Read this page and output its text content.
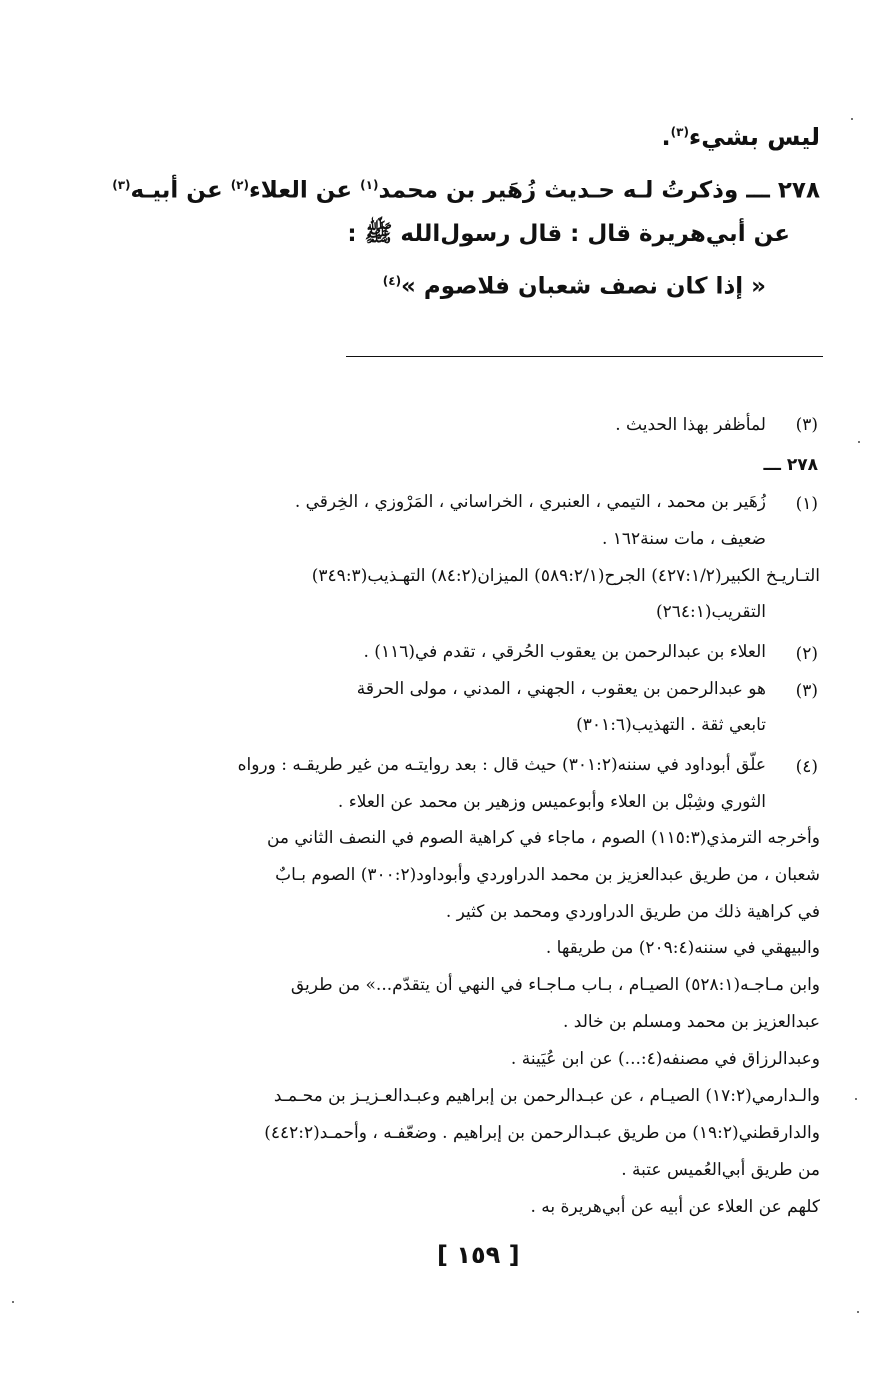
ليس بشيء$^{(٣)}$.
٢٧٨ ـــ وذكرتُ لـه حـديث زُهَير بن محمد$^{(١)}$ عن العلاء$^{(٢)}$ عن أبيـه$^{(٣)}$
عن أبي‌هريرة قال : قال رسول‌الله ﷺ :
« إذا كان نصف شعبان فلاصوم »$^{(٤)}$
(٣)
لمأظفر بهذا الحديث .
٢٧٨ ـــ
(١)
زُهَير بن محمد ، التيمي ، العنبري ، الخراساني ، المَرْوزي ، الخِرقي .
ضعيف ، مات سنة١٦٢ .
التـاريـخ الكبير(٤٢٧:١/٢) الجرح(٥٨٩:٢/١) الميزان(٨٤:٢) التهـذيب(٣٤٩:٣)
التقريب(٢٦٤:١)
(٢)
العلاء بن عبدالرحمن بن يعقوب الحُرقي ، تقدم في(١١٦) .
(٣)
هو عبدالرحمن بن يعقوب ، الجهني ، المدني ، مولى الحرقة
تابعي ثقة . التهذيب(٣٠١:٦)
(٤)
علّق أبوداود في سننه(٣٠١:٢) حيث قال : بعد روايتـه من غير طريقـه : ورواه
الثوري وشِبْل بن العلاء وأبوعميس وزهير بن محمد عن العلاء .
وأخرجه الترمذي(١١٥:٣) الصوم ، ماجاء في كراهية الصوم في النصف الثاني من
شعبان ، من طريق عبدالعزيز بن محمد الدراوردي وأبوداود(٣٠٠:٢) الصوم بـابٌ
في كراهية ذلك من طريق الدراوردي ومحمد بن كثير .
والبيهقي في سننه(٢٠٩:٤) من طريقها .
وابن مـاجـه(٥٢٨:١) الصيـام ، بـاب مـاجـاء في النهي أن يتقدّم...» من طريق
عبدالعزيز بن محمد ومسلم بن خالد .
وعبدالرزاق في مصنفه(٤:...) عن ابن عُيَينة .
والـدارمي(١٧:٢) الصيـام ، عن عبـدالرحمن بن إبراهيم وعبـدالعـزيـز بن محـمـد
والدارقطني(١٩:٢) من طريق عبـدالرحمن بن إبراهيم . وضعّفـه ، وأحمـد(٤٤٢:٢)
من طريق أبي‌العُميس عتبة .
كلهم عن العلاء عن أبيه عن أبي‌هريرة به .
[ ١٥٩ ]
